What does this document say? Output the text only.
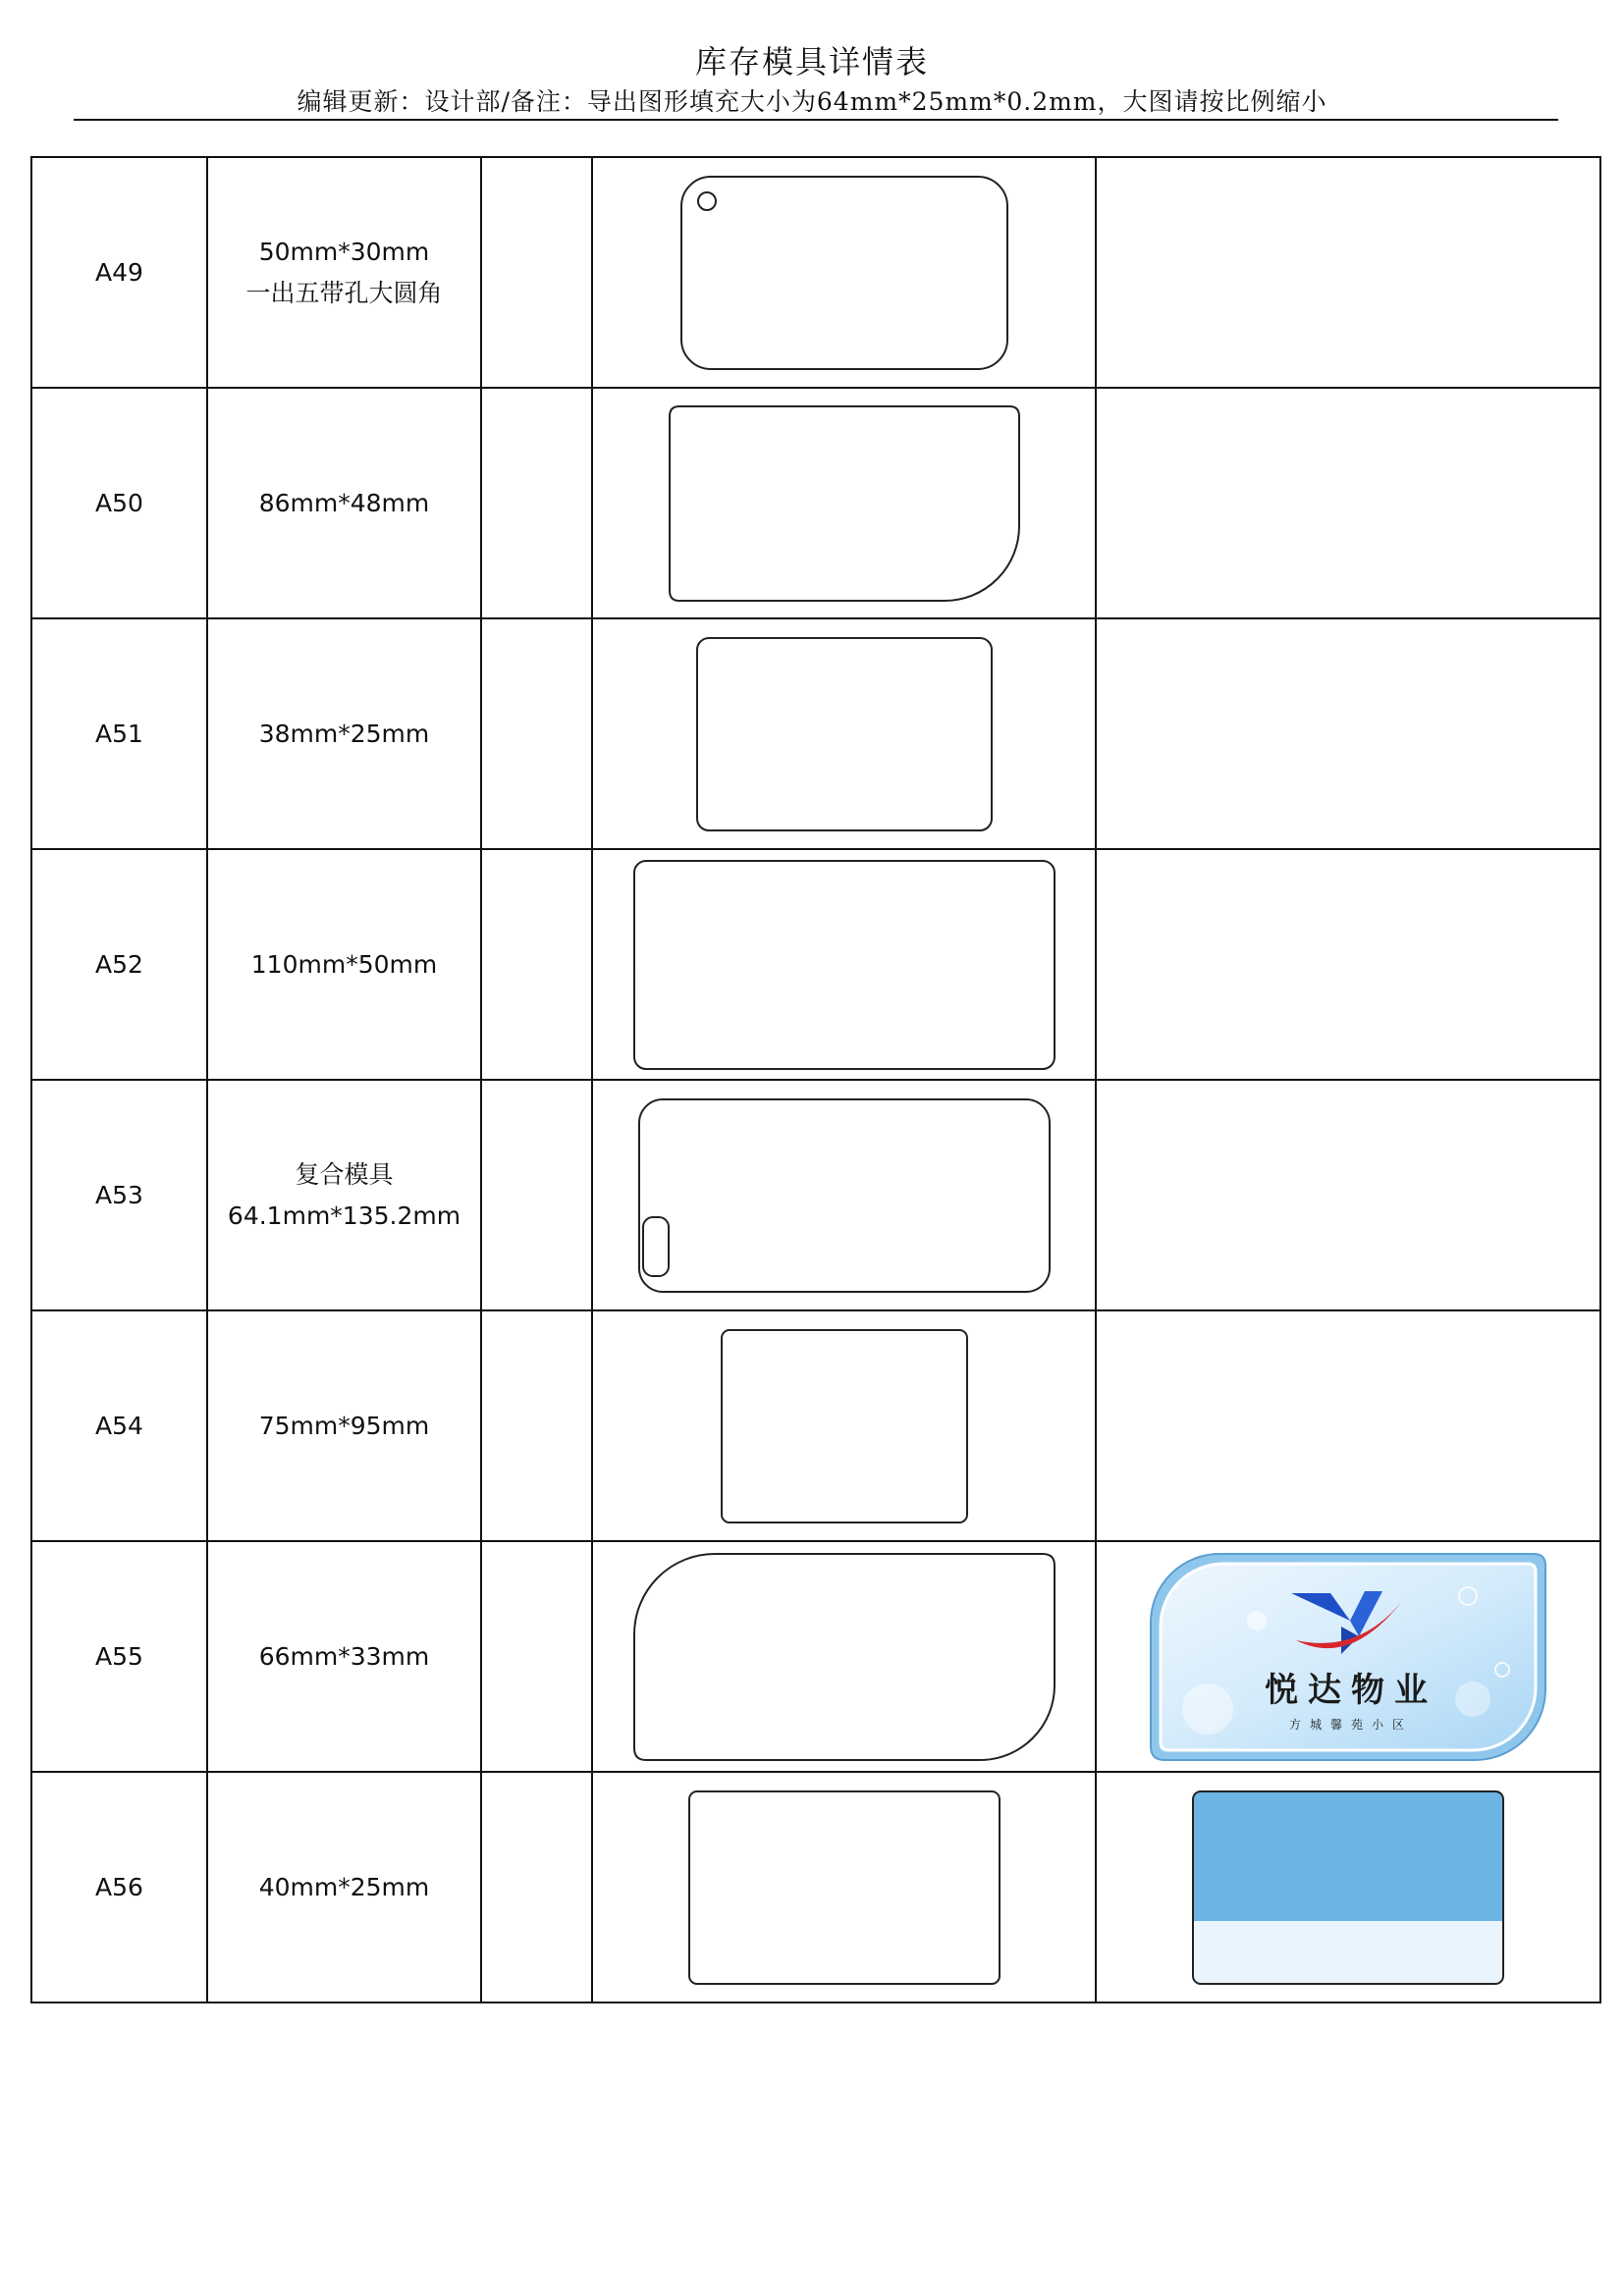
库存模具详情表
编辑更新：设计部/备注：导出图形填充大小为64mm*25mm*0.2mm，大图请按比例缩小
A49	50mm*30mm
一出五带孔大圆角

A50	86mm*48mm

A51	38mm*25mm

A52	110mm*50mm

A53	复合模具
64.1mm*135.2mm

A54	75mm*95mm

A55	66mm*33mm			悦达物业
方城馨苑小区

A56	40mm*25mm
